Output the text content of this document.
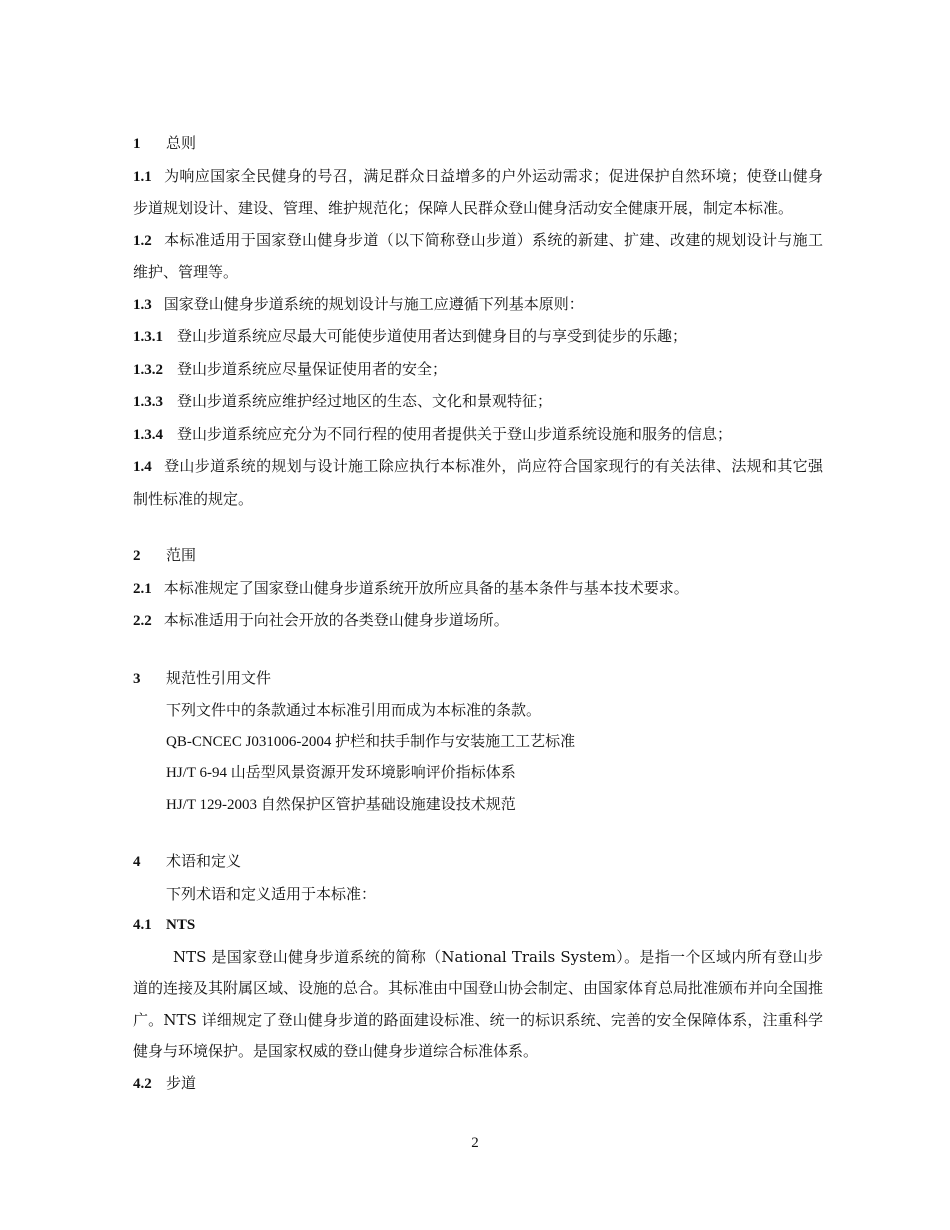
1	总则

1.1 为响应国家全民健身的号召，满足群众日益增多的户外运动需求；促进保护自然环境；使登山健身步道规划设计、建设、管理、维护规范化；保障人民群众登山健身活动安全健康开展，制定本标准。

1.2 本标准适用于国家登山健身步道（以下简称登山步道）系统的新建、扩建、改建的规划设计与施工维护、管理等。

1.3 国家登山健身步道系统的规划设计与施工应遵循下列基本原则：

1.3.1 登山步道系统应尽最大可能使步道使用者达到健身目的与享受到徒步的乐趣；
1.3.2 登山步道系统应尽量保证使用者的安全；
1.3.3 登山步道系统应维护经过地区的生态、文化和景观特征；
1.3.4 登山步道系统应充分为不同行程的使用者提供关于登山步道系统设施和服务的信息；

1.4 登山步道系统的规划与设计施工除应执行本标准外，尚应符合国家现行的有关法律、法规和其它强制性标准的规定。

2	范围

2.1 本标准规定了国家登山健身步道系统开放所应具备的基本条件与基本技术要求。

2.2 本标准适用于向社会开放的各类登山健身步道场所。

3	规范性引用文件
下列文件中的条款通过本标准引用而成为本标准的条款。
QB-CNCEC J031006-2004 护栏和扶手制作与安装施工工艺标准
HJ/T 6-94 山岳型风景资源开发环境影响评价指标体系
HJ/T 129-2003 自然保护区管护基础设施建设技术规范
4	术语和定义
下列术语和定义适用于本标准：
4.1 NTS

NTS 是国家登山健身步道系统的简称（National Trails System）。是指一个区域内所有登山步道的连接及其附属区域、设施的总合。其标准由中国登山协会制定、由国家体育总局批准颁布并向全国推广。NTS 详细规定了登山健身步道的路面建设标准、统一的标识系统、完善的安全保障体系，注重科学健身与环境保护。是国家权威的登山健身步道综合标准体系。

4.2 步道
2
